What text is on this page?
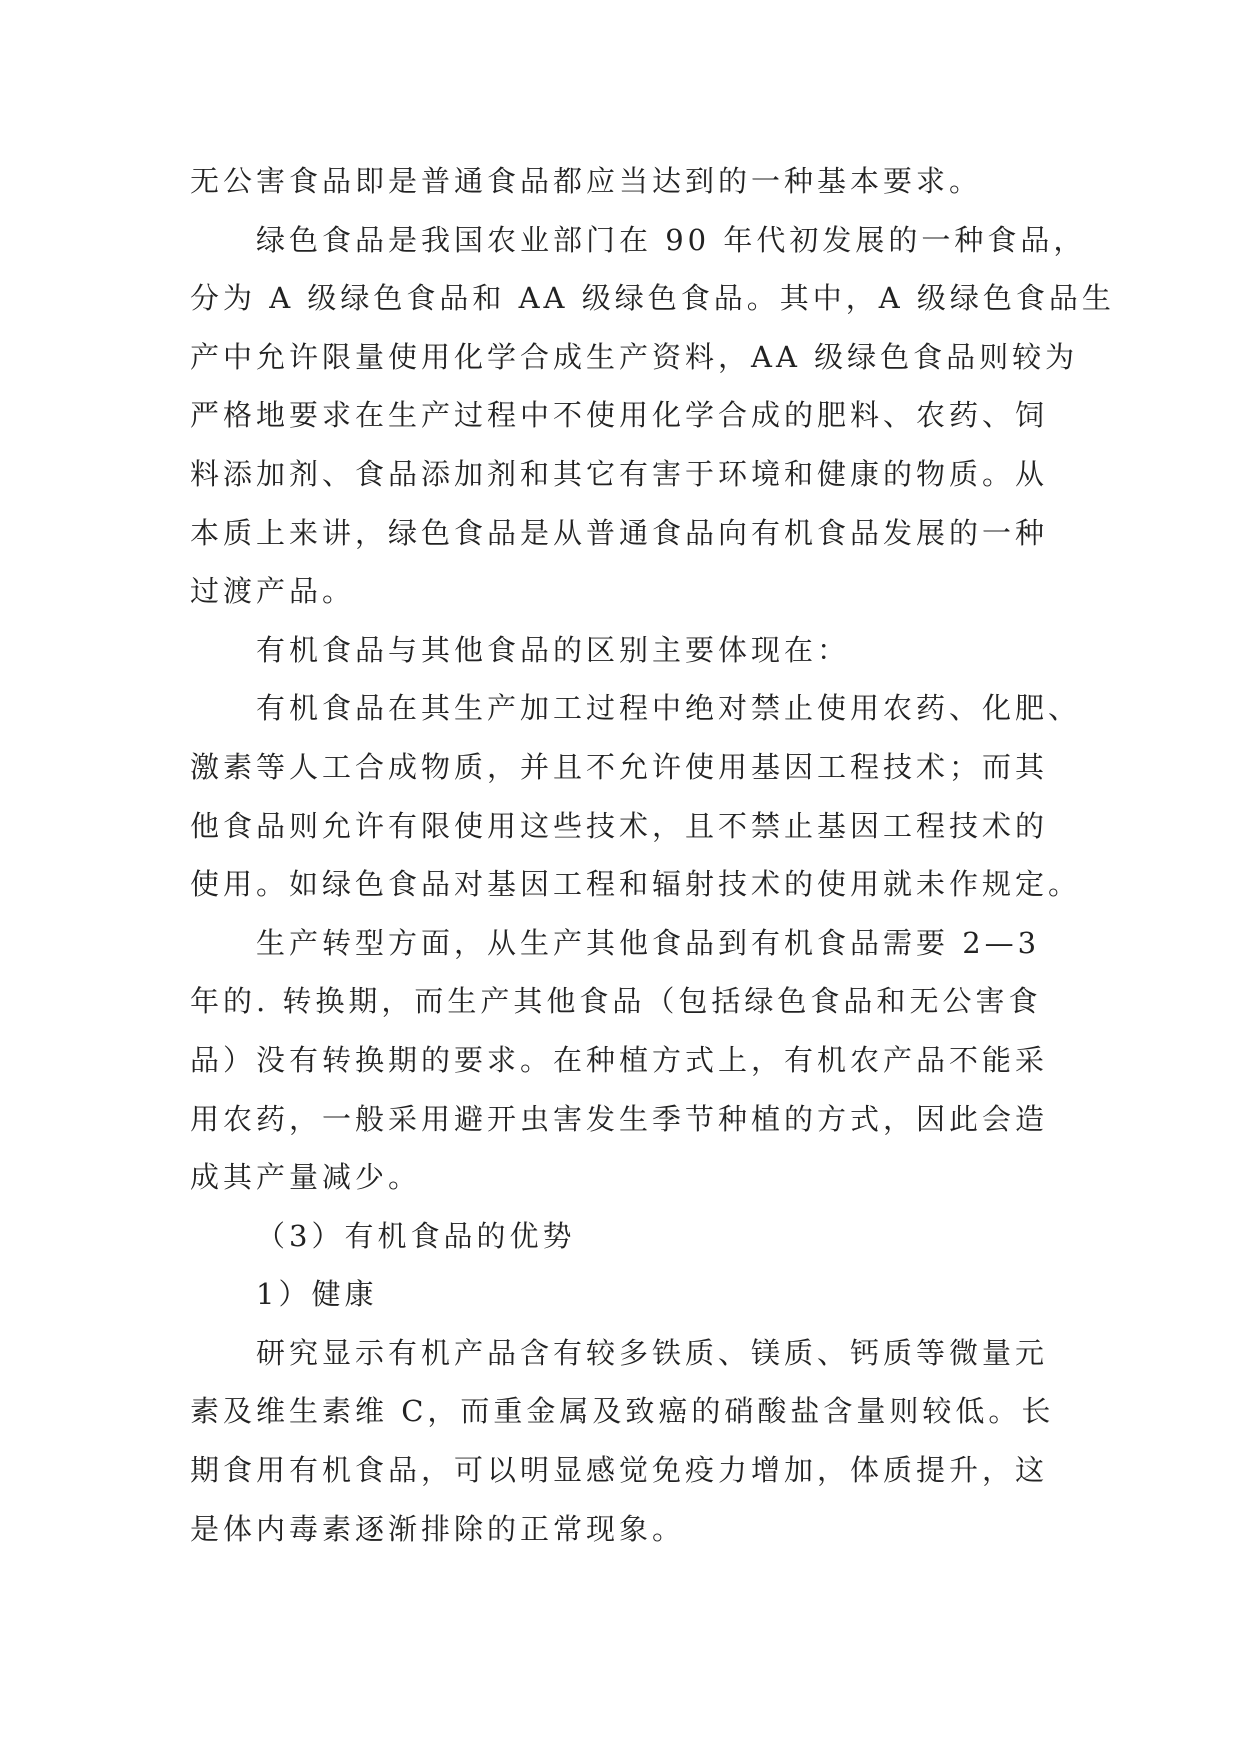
无公害食品即是普通食品都应当达到的一种基本要求。
绿色食品是我国农业部门在 90 年代初发展的一种食品，
分为 A 级绿色食品和 AA 级绿色食品。其中，A 级绿色食品生
产中允许限量使用化学合成生产资料，AA 级绿色食品则较为
严格地要求在生产过程中不使用化学合成的肥料、农药、饲
料添加剂、食品添加剂和其它有害于环境和健康的物质。从
本质上来讲，绿色食品是从普通食品向有机食品发展的一种
过渡产品。
有机食品与其他食品的区别主要体现在：
有机食品在其生产加工过程中绝对禁止使用农药、化肥、
激素等人工合成物质，并且不允许使用基因工程技术；而其
他食品则允许有限使用这些技术，且不禁止基因工程技术的
使用。如绿色食品对基因工程和辐射技术的使用就未作规定。
生产转型方面，从生产其他食品到有机食品需要 2—3
年的. 转换期，而生产其他食品（包括绿色食品和无公害食
品）没有转换期的要求。在种植方式上，有机农产品不能采
用农药，一般采用避开虫害发生季节种植的方式，因此会造
成其产量减少。
（3）有机食品的优势
1）健康
研究显示有机产品含有较多铁质、镁质、钙质等微量元
素及维生素维 C，而重金属及致癌的硝酸盐含量则较低。长
期食用有机食品，可以明显感觉免疫力增加，体质提升，这
是体内毒素逐渐排除的正常现象。
